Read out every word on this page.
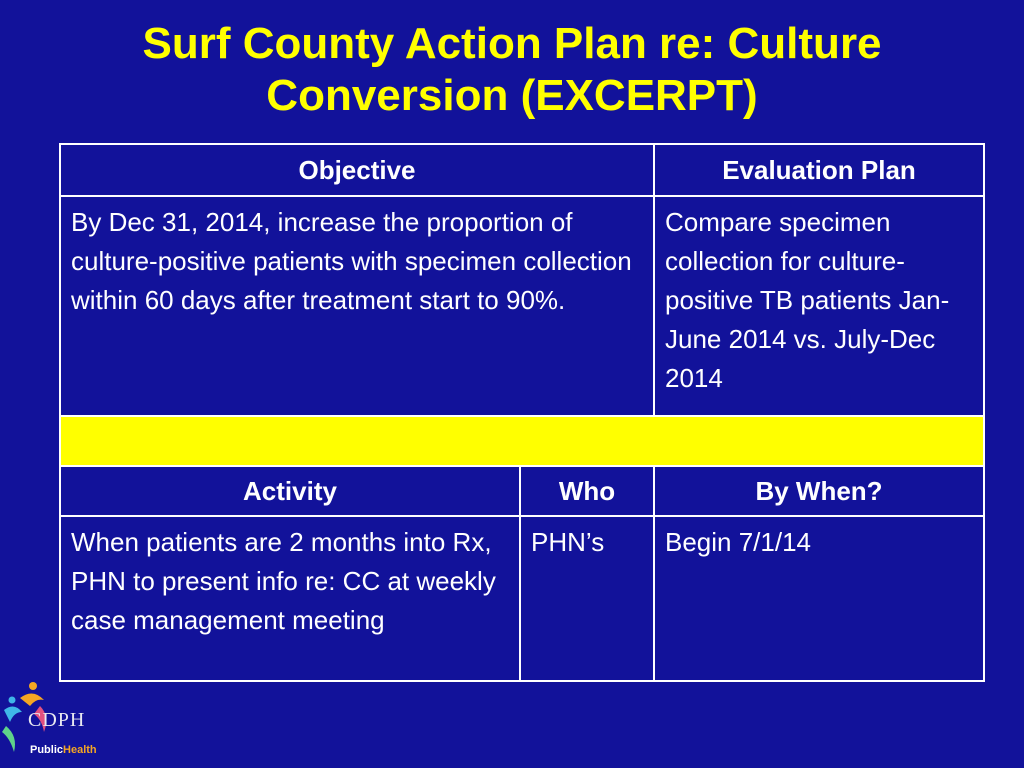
Surf County Action Plan re: Culture
Conversion (EXCERPT)
Objective		Evaluation Plan
By Dec 31, 2014, increase the proportion of culture-positive patients with specimen collection within 60 days after treatment start to 90%.		Compare specimen collection for culture-positive TB patients Jan-June 2014 vs. July-Dec 2014

Activity	Who	By When?
When patients are 2 months into Rx, PHN to present info re: CC at weekly case management meeting	PHN’s	Begin 7/1/14
CDPH
PublicHealth
